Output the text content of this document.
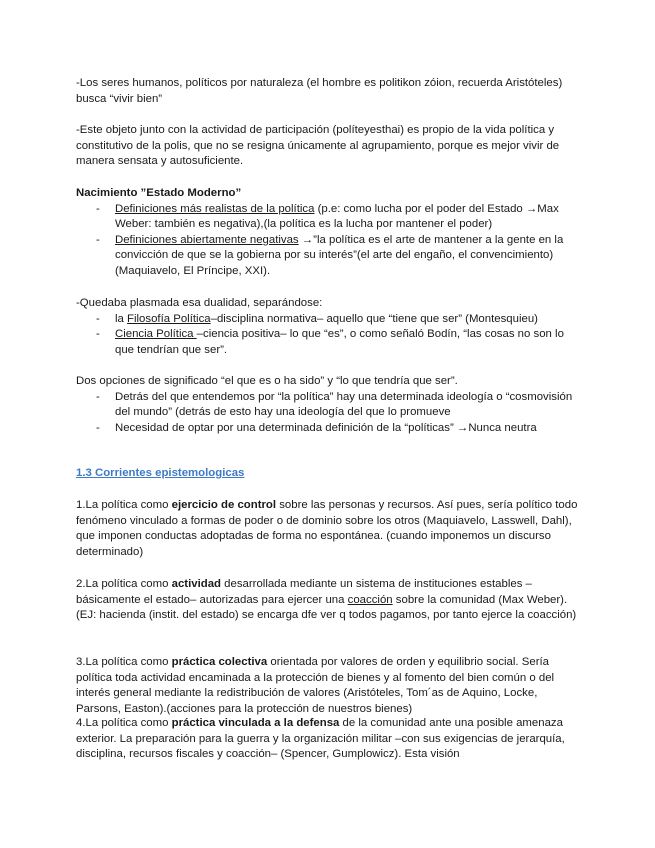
-Los seres humanos, políticos por naturaleza (el hombre es politikon zóion, recuerda Aristóteles) busca “vivir bien”

-Este objeto junto con la actividad de participación (políteyesthai) es propio de la vida política y constitutivo de la polis, que no se resigna únicamente al agrupamiento, porque es mejor vivir de manera sensata y autosuficiente.

Nacimiento ”Estado Moderno”

- Definiciones más realistas de la política (p.e: como lucha por el poder del Estado →Max Weber: también es negativa),(la política es la lucha por mantener el poder)
- Definiciones abiertamente negativas →”la política es el arte de mantener a la gente en la convicción de que se la gobierna por su interés”(el arte del engaño, el convencimiento) (Maquiavelo, El Príncipe, XXI).

-Quedaba plasmada esa dualidad, separándose:

- la Filosofía Política–disciplina normativa– aquello que “tiene que ser” (Montesquieu)
- Ciencia Política –ciencia positiva– lo que “es”, o como señaló Bodín, “las cosas no son lo que tendrían que ser”.

Dos opciones de significado “el que es o ha sido” y “lo que tendría que ser”.

- Detrás del que entendemos por “la política” hay una determinada ideología o “cosmovisión del mundo” (detrás de esto hay una ideología del que lo promueve
- Necesidad de optar por una determinada definición de la “políticas” →Nunca neutra

1.3 Corrientes epistemologicas

1.La política como ejercicio de control sobre las personas y recursos. Así pues, sería político todo fenómeno vinculado a formas de poder o de dominio sobre los otros (Maquiavelo, Lasswell, Dahl), que imponen conductas adoptadas de forma no espontánea. (cuando imponemos un discurso determinado)

2.La política como actividad desarrollada mediante un sistema de instituciones estables –básicamente el estado– autorizadas para ejercer una coacción sobre la comunidad (Max Weber). (EJ: hacienda (instit. del estado) se encarga dfe ver q todos pagamos, por tanto ejerce la coacción)

3.La política como práctica colectiva orientada por valores de orden y equilibrio social. Sería política toda actividad encaminada a la protección de bienes y al fomento del bien común o del interés general mediante la redistribución de valores (Aristóteles, Tom´as de Aquino, Locke, Parsons, Easton).(acciones para la protección de nuestros bienes)

4.La política como práctica vinculada a la defensa de la comunidad ante una posible amenaza exterior. La preparación para la guerra y la organización militar –con sus exigencias de jerarquía, disciplina, recursos fiscales y coacción– (Spencer, Gumplowicz). Esta visión
